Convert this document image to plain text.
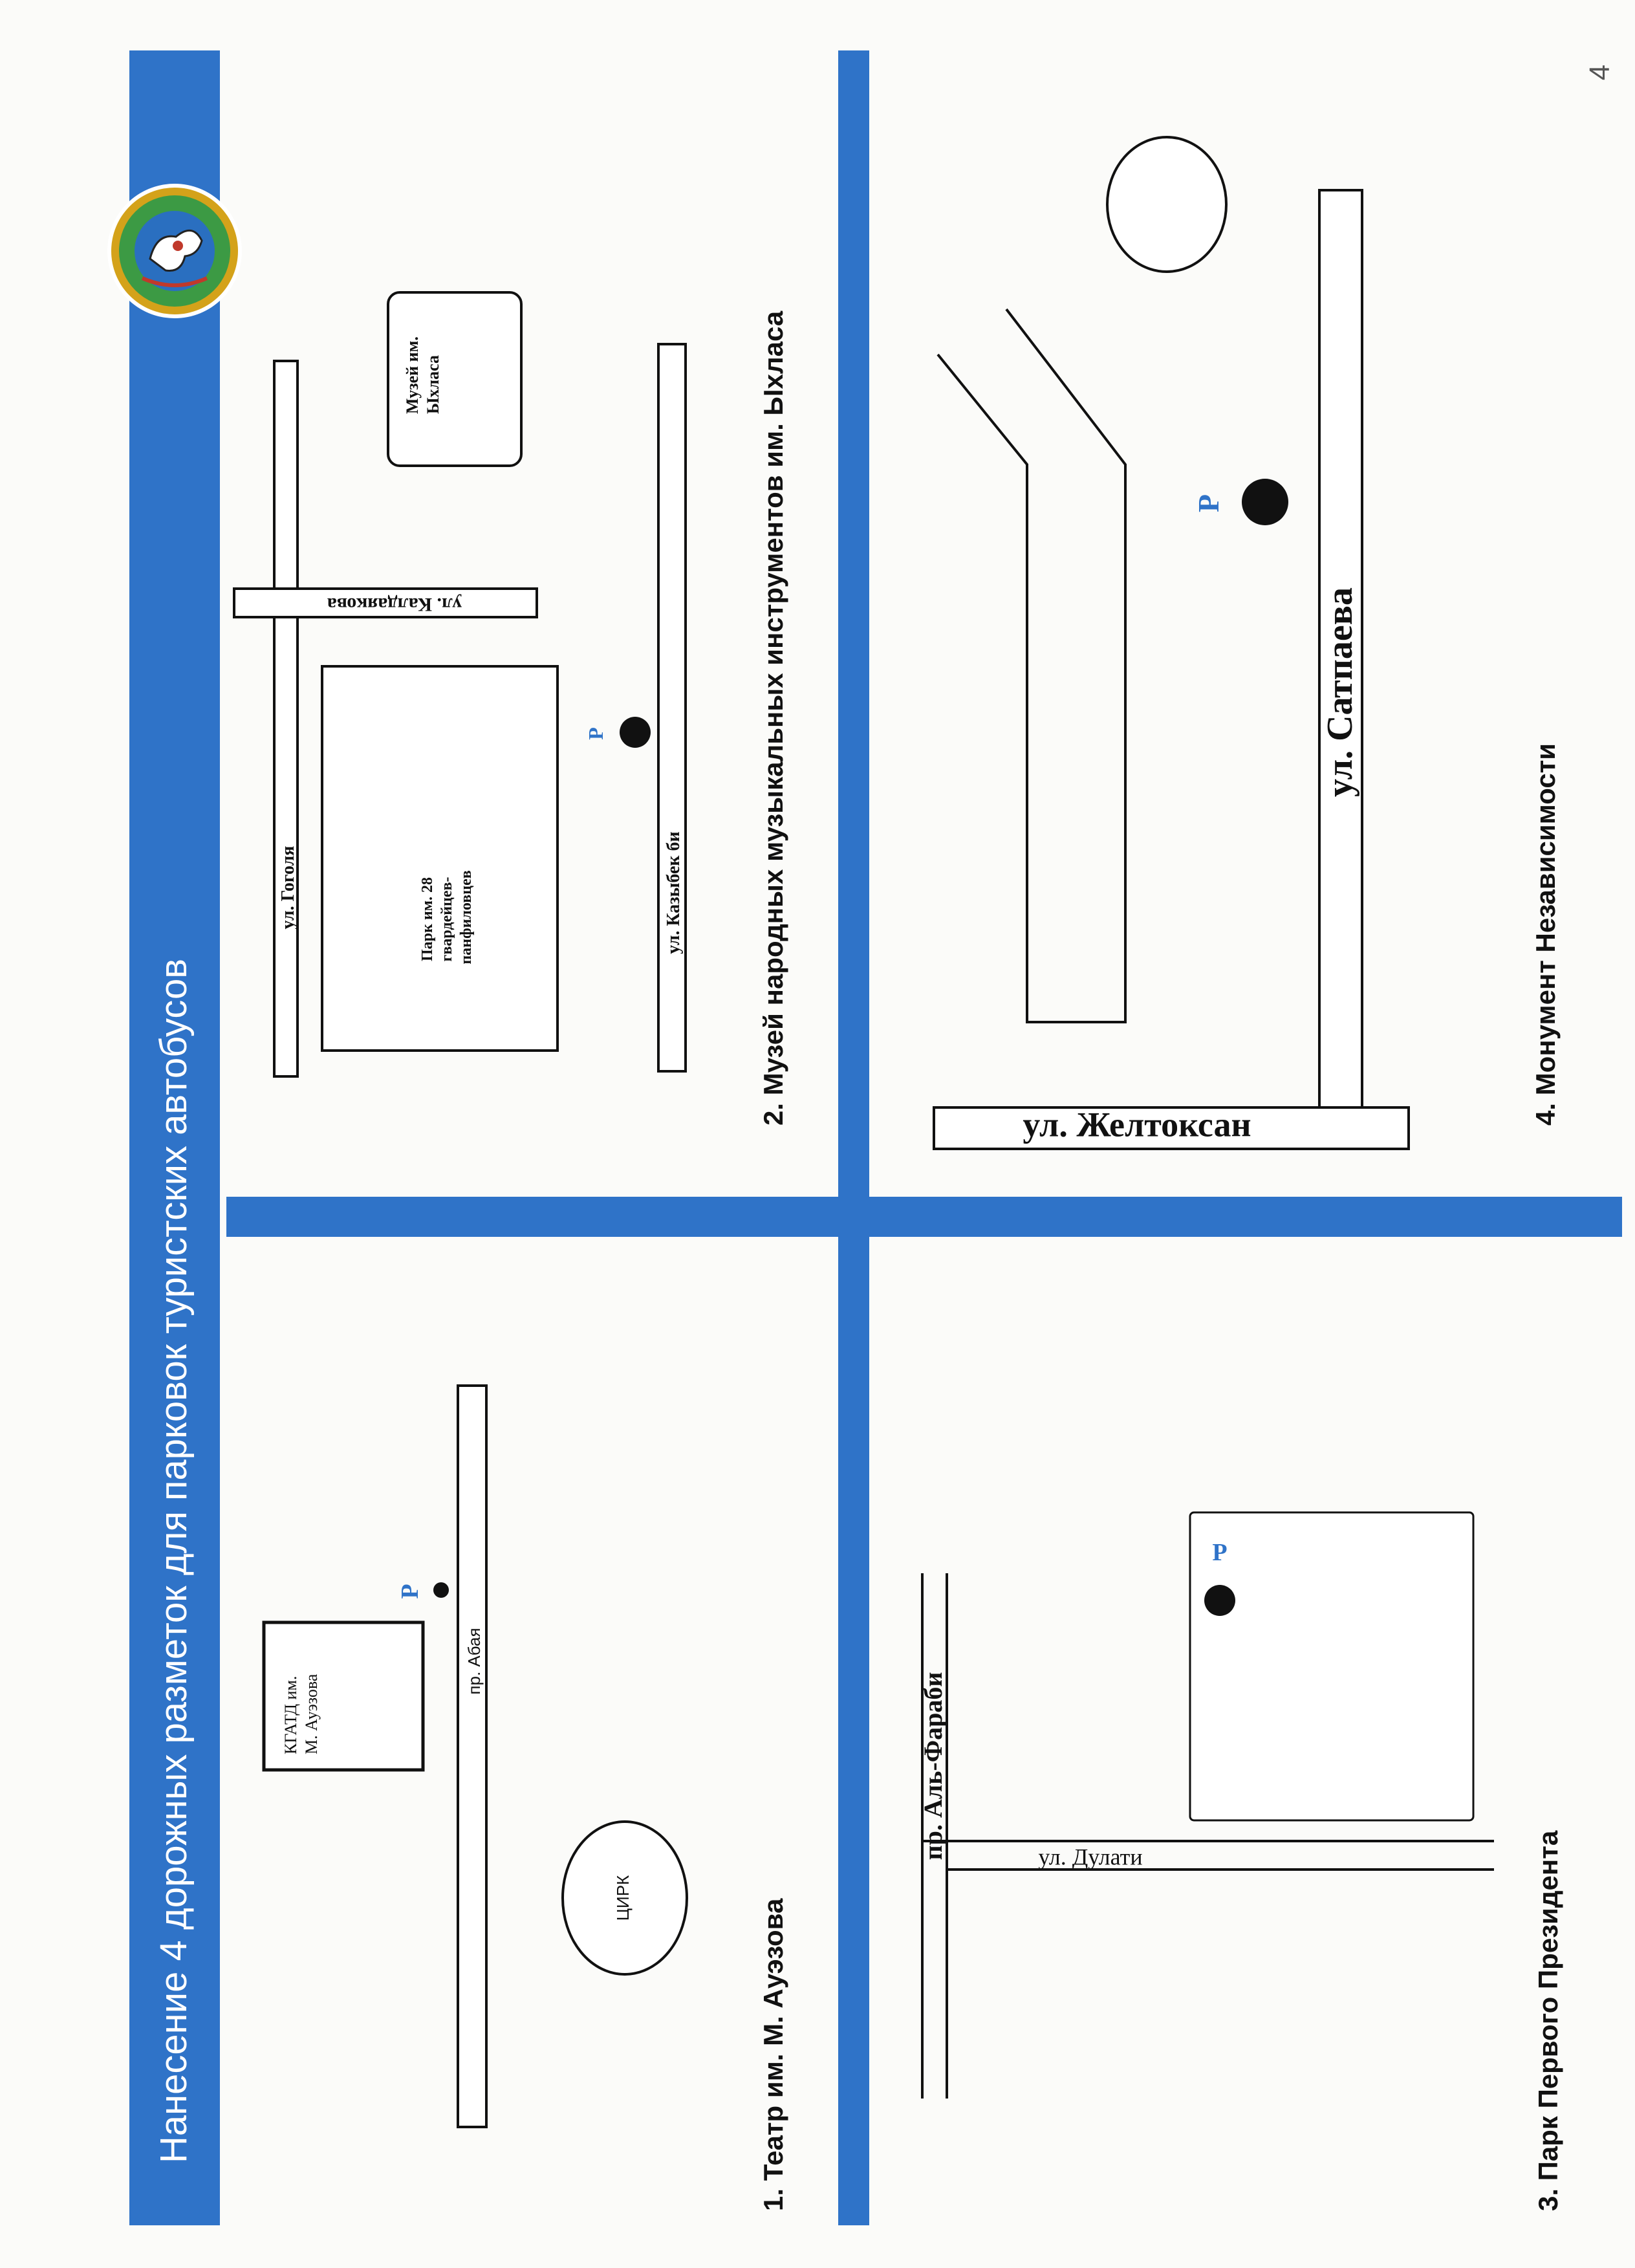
4
Нанесение 4 дорожных разметок для парковок туристских автобусов	1. Театр им. М. Ауэзова
пр. Абая
КГАТД им. М. Ауэзова
P
ЦИРК
2. Музей народных музыкальных инструментов им. Ыхласа
ул. Гоголя
ул. Калдаякова
Парк им. 28 гвардейцев- панфиловцев	ул. Казыбек би
P
Музей им. Ыхласа
3. Парк Первого Президента
пр. Аль-Фараби	ул. Дулати
P
4. Монумент Независимости
ул. Желтоксан
ул. Сатпаева
P
